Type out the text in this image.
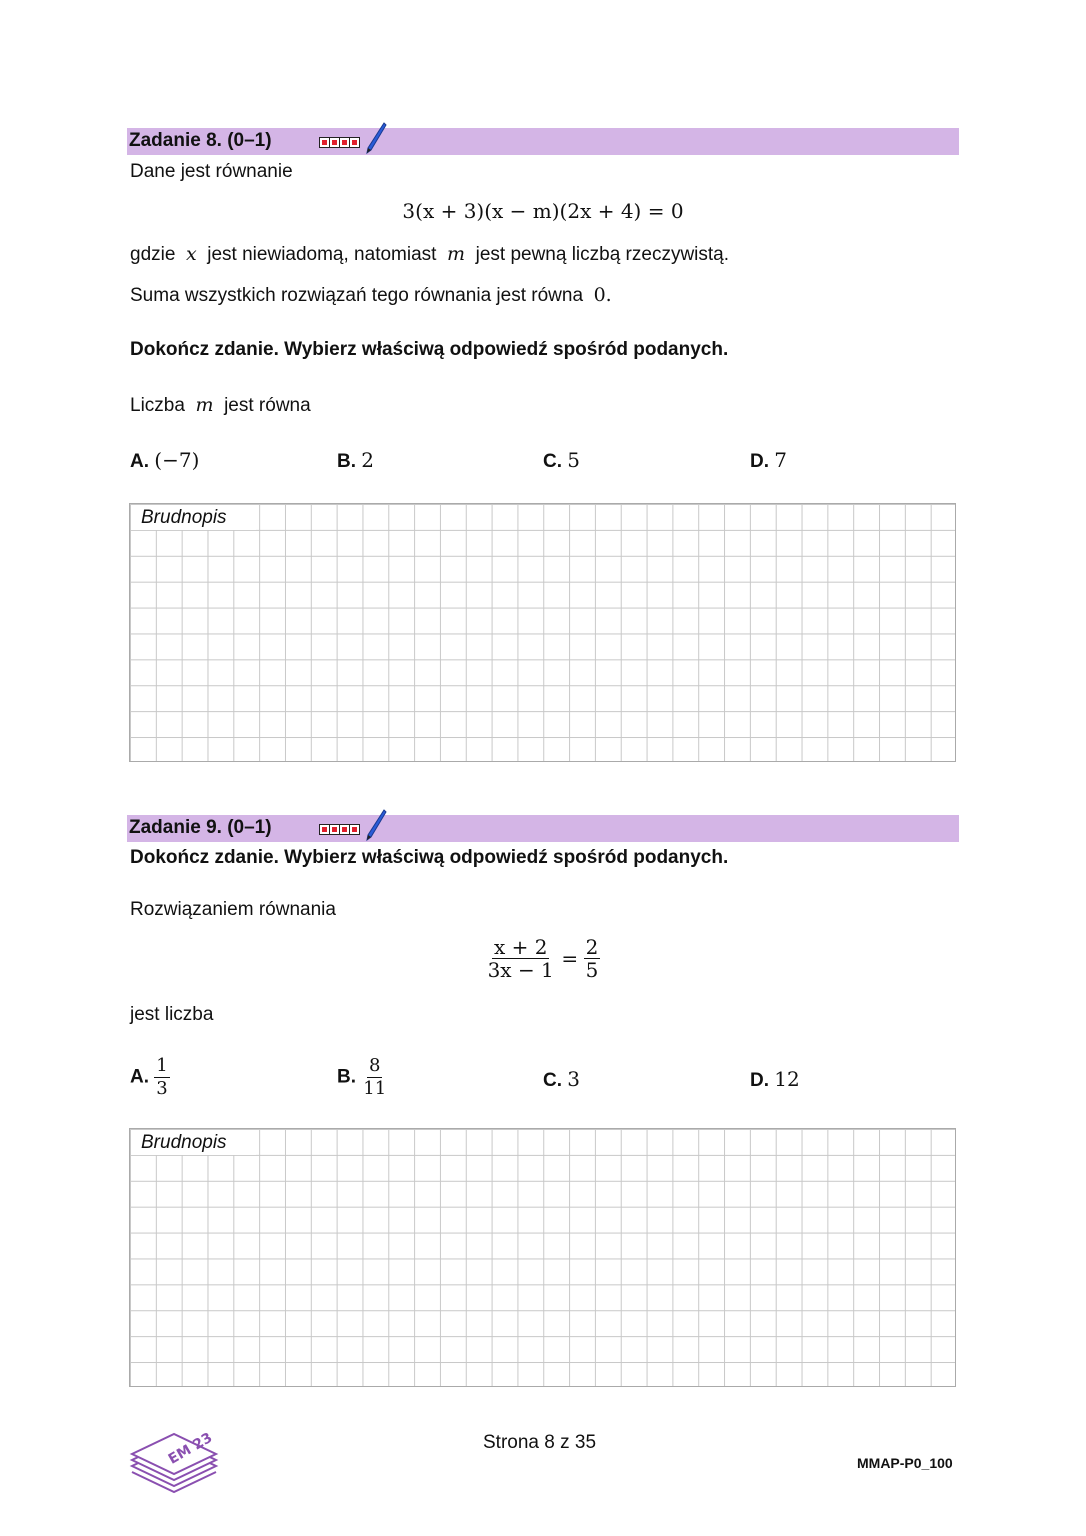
Zadanie 8. (0–1)
Dane jest równanie
3(x + 3)(x − m)(2x + 4) = 0
gdzie x jest niewiadomą, natomiast m jest pewną liczbą rzeczywistą.
Suma wszystkich rozwiązań tego równania jest równa 0.
Dokończ zdanie. Wybierz właściwą odpowiedź spośród podanych.
Liczba m jest równa
A. (−7)	B. 2	C. 5	D. 7
Brudnopis
Zadanie 9. (0–1)
Dokończ zdanie. Wybierz właściwą odpowiedź spośród podanych.
Rozwiązaniem równania
$\frac{x + 2}{3x - 1} = \frac{2}{5}$
jest liczba
A. $\frac{1}{3}$	B. $\frac{8}{11}$	C. 3	D. 12
Brudnopis
EM 23	Strona 8 z 35
MMAP-P0_100
